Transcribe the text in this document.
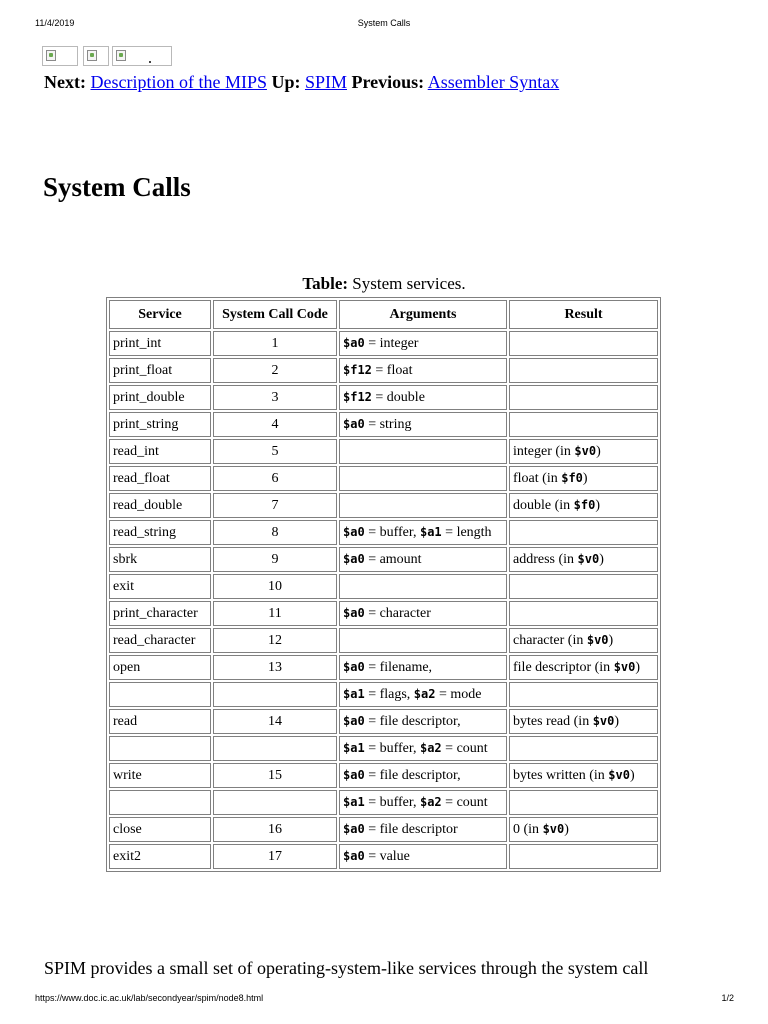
11/4/2019	System Calls
Next: Description of the MIPS Up: SPIM Previous: Assembler Syntax
System Calls
Table: System services.
Service	System Call Code	Arguments	Result
print_int	1	$a0 = integer	
print_float	2	$f12 = float	
print_double	3	$f12 = double	
print_string	4	$a0 = string	
read_int	5		integer (in $v0)
read_float	6		float (in $f0)
read_double	7		double (in $f0)
read_string	8	$a0 = buffer, $a1 = length	
sbrk	9	$a0 = amount	address (in $v0)
exit	10		
print_character	11	$a0 = character	
read_character	12		character (in $v0)
open	13	$a0 = filename,	file descriptor (in $v0)
		$a1 = flags, $a2 = mode	
read	14	$a0 = file descriptor,	bytes read (in $v0)
		$a1 = buffer, $a2 = count	
write	15	$a0 = file descriptor,	bytes written (in $v0)
		$a1 = buffer, $a2 = count	
close	16	$a0 = file descriptor	0 (in $v0)
exit2	17	$a0 = value	
SPIM provides a small set of operating-system-like services through the system call
https://www.doc.ic.ac.uk/lab/secondyear/spim/node8.html	1/2
